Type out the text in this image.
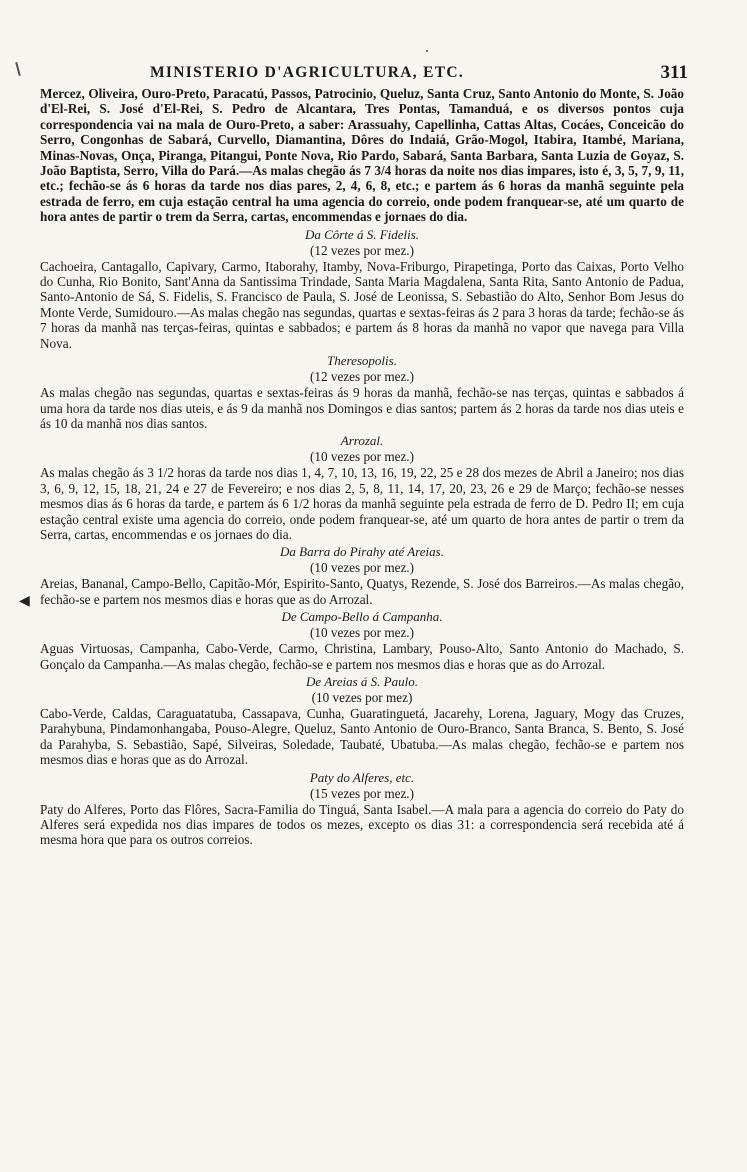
◀
MINISTERIO D'AGRICULTURA, ETC.	311

Mercez, Oliveira, Ouro-Preto, Paracatú, Passos, Patrocinio, Queluz, Santa Cruz, Santo Antonio do Monte, S. João d'El-Rei, S. José d'El-Rei, S. Pedro de Alcantara, Tres Pontas, Tamanduá, e os diversos pontos cuja correspondencia vai na mala de Ouro-Preto, a saber: Arassuahy, Capellinha, Cattas Altas, Cocáes, Conceicão do Serro, Congonhas de Sabará, Curvello, Diamantina, Dôres do Indaiá, Grão-Mogol, Itabira, Itambé, Mariana, Minas-Novas, Onça, Piranga, Pitangui, Ponte Nova, Rio Pardo, Sabará, Santa Barbara, Santa Luzia de Goyaz, S. João Baptista, Serro, Villa do Pará.—As malas chegão ás 7 3/4 horas da noite nos dias impares, isto é, 3, 5, 7, 9, 11, etc.; fechão-se ás 6 horas da tarde nos dias pares, 2, 4, 6, 8, etc.; e partem ás 6 horas da manhã seguinte pela estrada de ferro, em cuja estação central ha uma agencia do correio, onde podem franquear-se, até um quarto de hora antes de partir o trem da Serra, cartas, encommendas e jornaes do dia.

Da Côrte á S. Fidelis.
(12 vezes por mez.)

Cachoeira, Cantagallo, Capivary, Carmo, Itaborahy, Itamby, Nova-Friburgo, Pirapetinga, Porto das Caixas, Porto Velho do Cunha, Rio Bonito, Sant'Anna da Santissima Trindade, Santa Maria Magdalena, Santa Rita, Santo Antonio de Padua, Santo-Antonio de Sá, S. Fidelis, S. Francisco de Paula, S. José de Leonissa, S. Sebastião do Alto, Senhor Bom Jesus do Monte Verde, Sumidouro.—As malas chegão nas segundas, quartas e sextas-feiras ás 2 para 3 horas da tarde; fechão-se ás 7 horas da manhã nas terças-feiras, quintas e sabbados; e partem ás 8 horas da manhã no vapor que navega para Villa Nova.

Theresopolis.
(12 vezes por mez.)

As malas chegão nas segundas, quartas e sextas-feiras ás 9 horas da manhã, fechão-se nas terças, quintas e sabbados á uma hora da tarde nos dias uteis, e ás 9 da manhã nos Domingos e dias santos; partem ás 2 horas da tarde nos dias uteis e ás 10 da manhã nos dias santos.

Arrozal.
(10 vezes por mez.)

As malas chegão ás 3 1/2 horas da tarde nos dias 1, 4, 7, 10, 13, 16, 19, 22, 25 e 28 dos mezes de Abril a Janeiro; nos dias 3, 6, 9, 12, 15, 18, 21, 24 e 27 de Fevereiro; e nos dias 2, 5, 8, 11, 14, 17, 20, 23, 26 e 29 de Março; fechão-se nesses mesmos dias ás 6 horas da tarde, e partem ás 6 1/2 horas da manhã seguinte pela estrada de ferro de D. Pedro II; em cuja estação central existe uma agencia do correio, onde podem franquear-se, até um quarto de hora antes de partir o trem da Serra, cartas, encommendas e os jornaes do dia.

Da Barra do Pirahy até Areias.
(10 vezes por mez.)

Areias, Bananal, Campo-Bello, Capitão-Mór, Espirito-Santo, Quatys, Rezende, S. José dos Barreiros.—As malas chegão, fechão-se e partem nos mesmos dias e horas que as do Arrozal.

De Campo-Bello á Campanha.
(10 vezes por mez.)

Aguas Virtuosas, Campanha, Cabo-Verde, Carmo, Christina, Lambary, Pouso-Alto, Santo Antonio do Machado, S. Gonçalo da Campanha.—As malas chegão, fechão-se e partem nos mesmos dias e horas que as do Arrozal.

De Areias á S. Paulo.
(10 vezes por mez)

Cabo-Verde, Caldas, Caraguatatuba, Cassapava, Cunha, Guaratinguetá, Jacarehy, Lorena, Jaguary, Mogy das Cruzes, Parahybuna, Pindamonhangaba, Pouso-Alegre, Queluz, Santo Antonio de Ouro-Branco, Santa Branca, S. Bento, S. José da Parahyba, S. Sebastião, Sapé, Silveiras, Soledade, Taubaté, Ubatuba.—As malas chegão, fechão-se e partem nos mesmos dias e horas que as do Arrozal.

Paty do Alferes, etc.
(15 vezes por mez.)

Paty do Alferes, Porto das Flôres, Sacra-Familia do Tinguá, Santa Isabel.—A mala para a agencia do correio do Paty do Alferes será expedida nos dias impares de todos os mezes, excepto os dias 31: a correspondencia será recebida até á mesma hora que para os outros correios.
